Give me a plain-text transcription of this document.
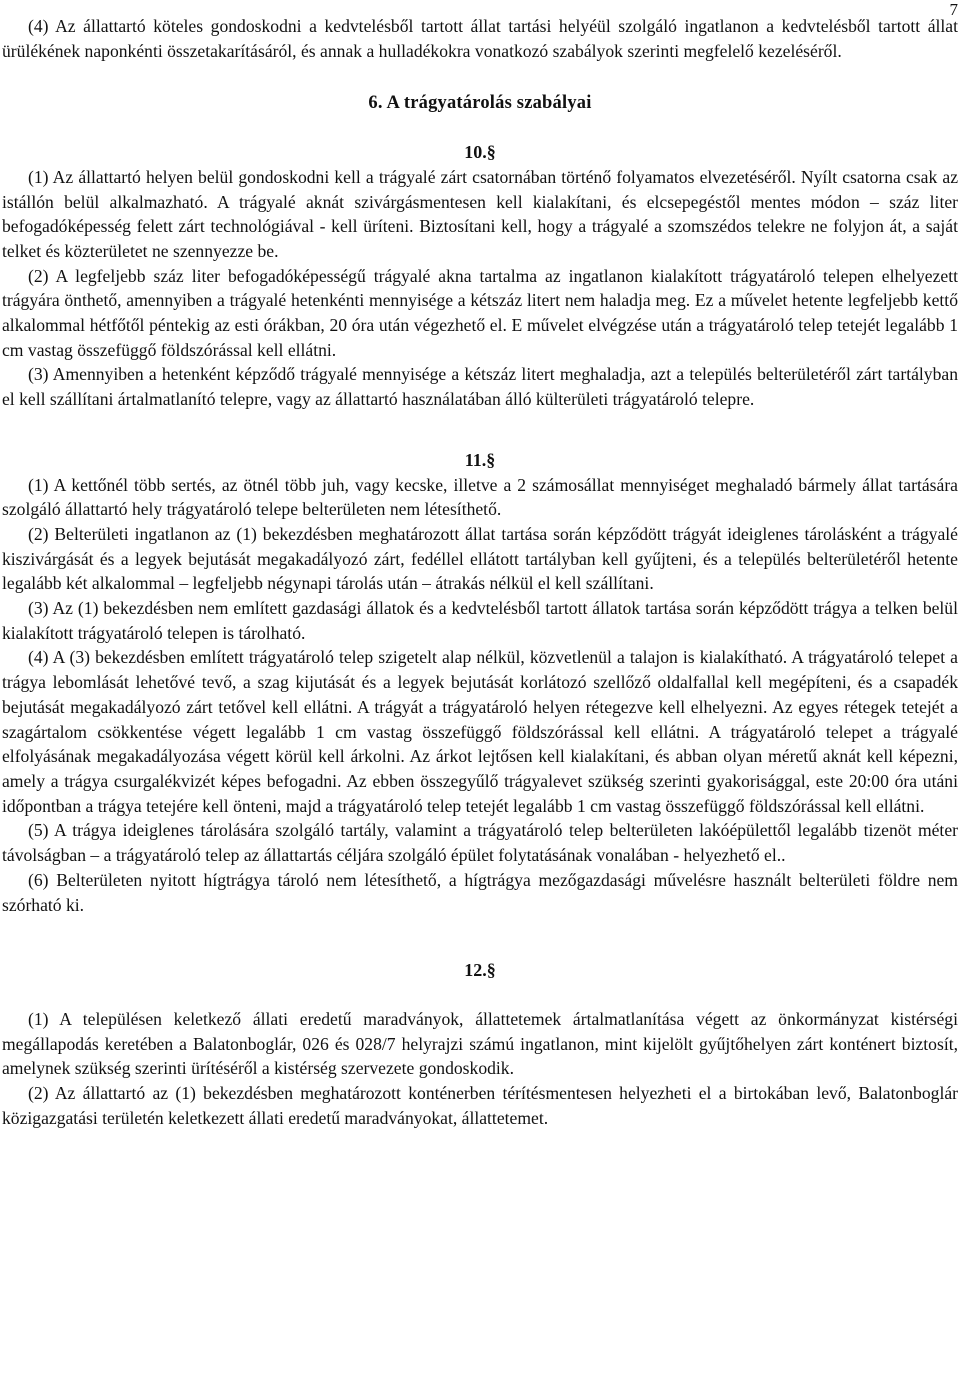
7

(4) Az állattartó köteles gondoskodni a kedvtelésből tartott állat tartási helyéül szolgáló ingatlanon a kedvtelésből tartott állat ürülékének naponkénti összetakarításáról, és annak a hulladékokra vonatkozó szabályok szerinti megfelelő kezeléséről.

6. A trágyatárolás szabályai
10.§

(1) Az állattartó helyen belül gondoskodni kell a trágyalé zárt csatornában történő folyamatos elvezetéséről. Nyílt csatorna csak az istállón belül alkalmazható. A trágyalé aknát szivárgásmentesen kell kialakítani, és elcsepegéstől mentes módon – száz liter befogadóképesség felett zárt technológiával - kell üríteni. Biztosítani kell, hogy a trágyalé a szomszédos telekre ne folyjon át, a saját telket és közterületet ne szennyezze be.

(2) A legfeljebb száz liter befogadóképességű trágyalé akna tartalma az ingatlanon kialakított trágyatároló telepen elhelyezett trágyára önthető, amennyiben a trágyalé hetenkénti mennyisége a kétszáz litert nem haladja meg. Ez a művelet hetente legfeljebb kettő alkalommal hétfőtől péntekig az esti órákban, 20 óra után végezhető el. E művelet elvégzése után a trágyatároló telep tetejét legalább 1 cm vastag összefüggő földszórással kell ellátni.

(3) Amennyiben a hetenként képződő trágyalé mennyisége a kétszáz litert meghaladja, azt a település belterületéről zárt tartályban el kell szállítani ártalmatlanító telepre, vagy az állattartó használatában álló külterületi trágyatároló telepre.

11.§

(1) A kettőnél több sertés, az ötnél több juh, vagy kecske, illetve a 2 számosállat mennyiséget meghaladó bármely állat tartására szolgáló állattartó hely trágyatároló telepe belterületen nem létesíthető.

(2) Belterületi ingatlanon az (1) bekezdésben meghatározott állat tartása során képződött trágyát ideiglenes tárolásként a trágyalé kiszivárgását és a legyek bejutását megakadályozó zárt, fedéllel ellátott tartályban kell gyűjteni, és a település belterületéről hetente legalább két alkalommal – legfeljebb négynapi tárolás után – átrakás nélkül el kell szállítani.

(3) Az (1) bekezdésben nem említett gazdasági állatok és a kedvtelésből tartott állatok tartása során képződött trágya a telken belül kialakított trágyatároló telepen is tárolható.

(4) A (3) bekezdésben említett trágyatároló telep szigetelt alap nélkül, közvetlenül a talajon is kialakítható. A trágyatároló telepet a trágya lebomlását lehetővé tevő, a szag kijutását és a legyek bejutását korlátozó szellőző oldalfallal kell megépíteni, és a csapadék bejutását megakadályozó zárt tetővel kell ellátni. A trágyát a trágyatároló helyen rétegezve kell elhelyezni. Az egyes rétegek tetejét a szagártalom csökkentése végett legalább 1 cm vastag összefüggő földszórással kell ellátni. A trágyatároló telepet a trágyalé elfolyásának megakadályozása végett körül kell árkolni. Az árkot lejtősen kell kialakítani, és abban olyan méretű aknát kell képezni, amely a trágya csurgalékvizét képes befogadni. Az ebben összegyűlő trágyalevet szükség szerinti gyakorisággal, este 20:00 óra utáni időpontban a trágya tetejére kell önteni, majd a trágyatároló telep tetejét legalább 1 cm vastag összefüggő földszórással kell ellátni.

(5) A trágya ideiglenes tárolására szolgáló tartály, valamint a trágyatároló telep belterületen lakóépülettől legalább tizenöt méter távolságban – a trágyatároló telep az állattartás céljára szolgáló épület folytatásának vonalában - helyezhető el..

(6) Belterületen nyitott hígtrágya tároló nem létesíthető, a hígtrágya mezőgazdasági művelésre használt belterületi földre nem szórható ki.

12.§

(1) A településen keletkező állati eredetű maradványok, állattetemek ártalmatlanítása végett az önkormányzat kistérségi megállapodás keretében a Balatonboglár, 026 és 028/7 helyrajzi számú ingatlanon, mint kijelölt gyűjtőhelyen zárt konténert biztosít, amelynek szükség szerinti ürítéséről a kistérség szervezete gondoskodik.

(2) Az állattartó az (1) bekezdésben meghatározott konténerben térítésmentesen helyezheti el a birtokában levő, Balatonboglár közigazgatási területén keletkezett állati eredetű maradványokat, állattetemet.
